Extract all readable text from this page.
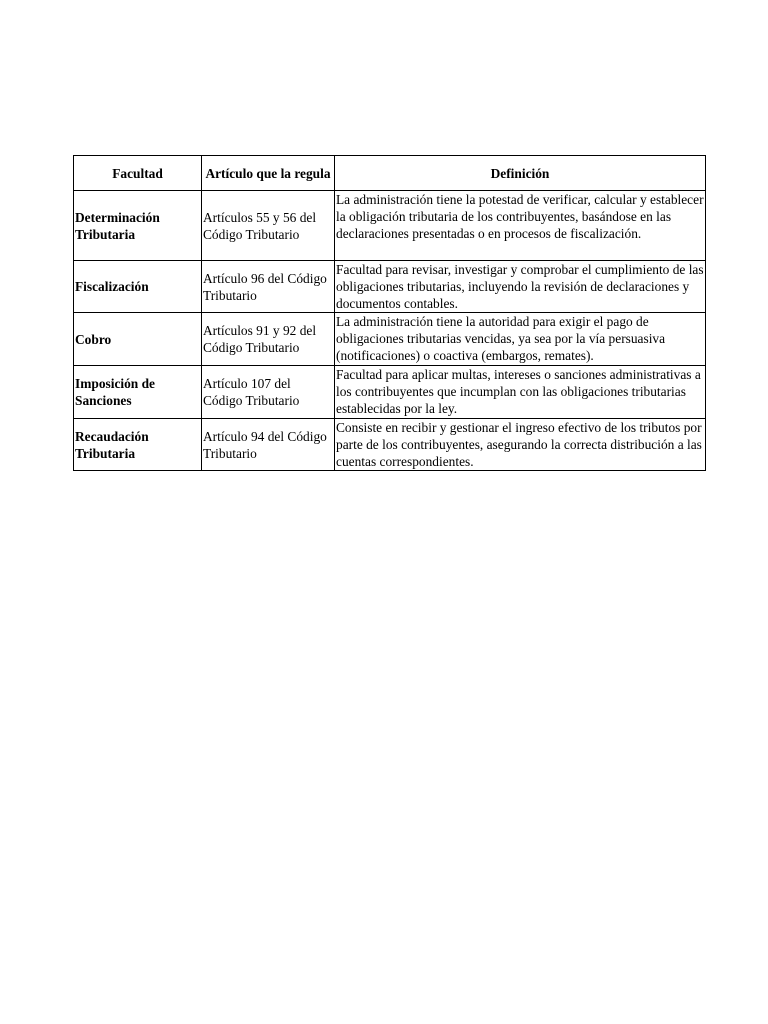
Facultad	Artículo que la regula	Definición
Determinación Tributaria	Artículos 55 y 56 del Código Tributario	La administración tiene la potestad de verificar, calcular y establecer la obligación tributaria de los contribuyentes, basándose en las declaraciones presentadas o en procesos de fiscalización.
Fiscalización	Artículo 96 del Código Tributario	Facultad para revisar, investigar y comprobar el cumplimiento de las obligaciones tributarias, incluyendo la revisión de declaraciones y documentos contables.
Cobro	Artículos 91 y 92 del Código Tributario	La administración tiene la autoridad para exigir el pago de obligaciones tributarias vencidas, ya sea por la vía persuasiva (notificaciones) o coactiva (embargos, remates).
Imposición de Sanciones	Artículo 107 del Código Tributario	Facultad para aplicar multas, intereses o sanciones administrativas a los contribuyentes que incumplan con las obligaciones tributarias establecidas por la ley.
Recaudación Tributaria	Artículo 94 del Código Tributario	Consiste en recibir y gestionar el ingreso efectivo de los tributos por parte de los contribuyentes, asegurando la correcta distribución a las cuentas correspondientes.
